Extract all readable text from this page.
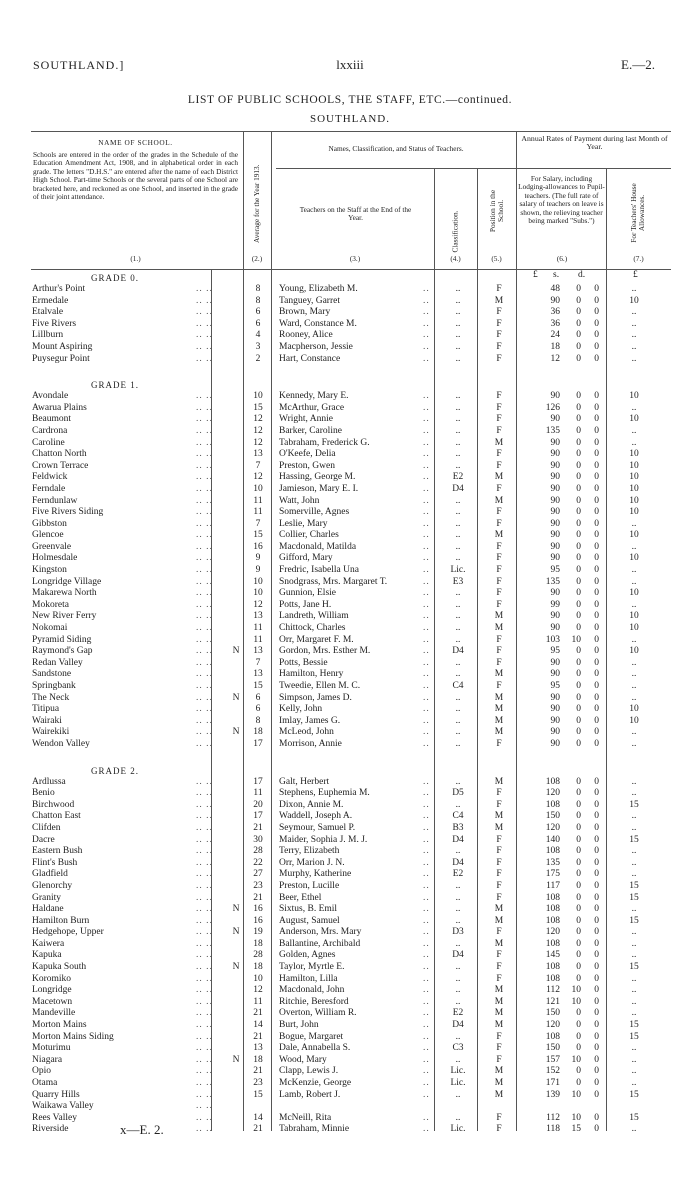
SOUTHLAND.]	lxxiii	E.—2.
LIST OF PUBLIC SCHOOLS, THE STAFF, ETC.—continued.
SOUTHLAND.
NAME OF SCHOOL.
Schools are entered in the order of the grades in the Schedule of the Education Amendment Act, 1908, and in alphabetical order in each grade. The letters "D.H.S." are entered after the name of each District High School. Part-time Schools or the several parts of one School are bracketed here, and reckoned as one School, and inserted in the grade of their joint attendance.
(1.)
Average for the Year 1913.
(2.)
Names, Classification, and Status of Teachers.
Teachers on the Staff at the End of the Year.
(3.)
Classification.
(4.)
Position in the School.
(5.)
Annual Rates of Payment during last Month of Year.
For Salary, including Lodging-allowances to Pupil-teachers. (The full rate of salary of teachers on leave is shown, the relieving teacher being marked "Subs.")
(6.)
For Teachers' House Allowances.
(7.)
£ s. d.	£
GRADE 0.
.. ..	..
Arthur's Point	8	Young, Elizabeth M.	..	F	48	0	0	..
.. ..	..
Ermedale	8	Tanguey, Garret	..	M	90	0	0	10
.. ..	..
Etalvale	6	Brown, Mary	..	F	36	0	0	..
.. ..	..
Five Rivers	6	Ward, Constance M.	..	F	36	0	0	..
.. ..	..
Lillburn	4	Rooney, Alice	..	F	24	0	0	..
.. ..	..
Mount Aspiring	3	Macpherson, Jessie	..	F	18	0	0	..
.. ..	..
Puysegur Point	2	Hart, Constance	..	F	12	0	0	..
GRADE 1.
.. ..	..
Avondale	10	Kennedy, Mary E.	..	F	90	0	0	10
.. ..	..
Awarua Plains	15	McArthur, Grace	..	F	126	0	0	..
.. ..	..
Beaumont	12	Wright, Annie	..	F	90	0	0	10
.. ..	..
Cardrona	12	Barker, Caroline	..	F	135	0	0	..
.. ..	..
Caroline	12	Tabraham, Frederick G.	..	M	90	0	0	..
.. ..	..
Chatton North	13	O'Keefe, Delia	..	F	90	0	0	10
.. ..	..
Crown Terrace	7	Preston, Gwen	..	F	90	0	0	10
.. ..	..
Feldwick	12	Hassing, George M.	E2	M	90	0	0	10
.. ..	..
Ferndale	10	Jamieson, Mary E. I.	D4	F	90	0	0	10
.. ..	..
Ferndunlaw	11	Watt, John	..	M	90	0	0	10
.. ..	..
Five Rivers Siding	11	Somerville, Agnes	..	F	90	0	0	10
.. ..	..
Gibbston	7	Leslie, Mary	..	F	90	0	0	..
.. ..	..
Glencoe	15	Collier, Charles	..	M	90	0	0	10
.. ..	..
Greenvale	16	Macdonald, Matilda	..	F	90	0	0	..
.. ..	..
Holmesdale	9	Gifford, Mary	..	F	90	0	0	10
.. ..	..
Kingston	9	Fredric, Isabella Una	Lic.	F	95	0	0	..
.. ..	..
Longridge Village	10	Snodgrass, Mrs. Margaret T.	E3	F	135	0	0	..
.. ..	..
Makarewa North	10	Gunnion, Elsie	..	F	90	0	0	10
.. ..	..
Mokoreta	12	Potts, Jane H.	..	F	99	0	0	..
.. ..	..
New River Ferry	13	Landreth, William	..	M	90	0	0	10
.. ..	..
Nokomai	11	Chittock, Charles	..	M	90	0	0	10
.. ..	..
Pyramid Siding	11	Orr, Margaret F. M.	..	F	103	10	0	..
.. ..	..
Raymond's Gap	N	13	Gordon, Mrs. Esther M.	D4	F	95	0	0	10
.. ..	..
Redan Valley	7	Potts, Bessie	..	F	90	0	0	..
.. ..	..
Sandstone	13	Hamilton, Henry	..	M	90	0	0	..
.. ..	..
Springbank	15	Tweedie, Ellen M. C.	C4	F	95	0	0	..
.. ..	..
The Neck	N	6	Simpson, James D.	..	M	90	0	0	..
.. ..	..
Titipua	6	Kelly, John	..	M	90	0	0	10
.. ..	..
Wairaki	8	Imlay, James G.	..	M	90	0	0	10
.. ..	..
Wairekiki	N	18	McLeod, John	..	M	90	0	0	..
.. ..	..
Wendon Valley	17	Morrison, Annie	..	F	90	0	0	..
GRADE 2.
.. ..	..
Ardlussa	17	Galt, Herbert	..	M	108	0	0	..
.. ..	..
Benio	11	Stephens, Euphemia M.	D5	F	120	0	0	..
.. ..	..
Birchwood	20	Dixon, Annie M.	..	F	108	0	0	15
.. ..	..
Chatton East	17	Waddell, Joseph A.	C4	M	150	0	0	..
.. ..	..
Clifden	21	Seymour, Samuel P.	B3	M	120	0	0	..
.. ..	..
Dacre	30	Maider, Sophia J. M. J.	D4	F	140	0	0	15
.. ..	..
Eastern Bush	28	Terry, Elizabeth	..	F	108	0	0	..
.. ..	..
Flint's Bush	22	Orr, Marion J. N.	D4	F	135	0	0	..
.. ..	..
Gladfield	27	Murphy, Katherine	E2	F	175	0	0	..
.. ..	..
Glenorchy	23	Preston, Lucille	..	F	117	0	0	15
.. ..	..
Granity	21	Beer, Ethel	..	F	108	0	0	15
.. ..	..
Haldane	N	16	Sixtus, B. Emil	..	M	108	0	0	..
.. ..	..
Hamilton Burn	16	August, Samuel	..	M	108	0	0	15
.. ..	..
Hedgehope, Upper	N	19	Anderson, Mrs. Mary	D3	F	120	0	0	..
.. ..	..
Kaiwera	18	Ballantine, Archibald	..	M	108	0	0	..
.. ..	..
Kapuka	28	Golden, Agnes	D4	F	145	0	0	..
.. ..	..
Kapuka South	N	18	Taylor, Myrtle E.	..	F	108	0	0	15
.. ..	..
Koromiko	10	Hamilton, Lilla	..	F	108	0	0	..
.. ..	..
Longridge	12	Macdonald, John	..	M	112	10	0	..
.. ..	..
Macetown	11	Ritchie, Beresford	..	M	121	10	0	..
.. ..	..
Mandeville	21	Overton, William R.	E2	M	150	0	0	..
.. ..	..
Morton Mains	14	Burt, John	D4	M	120	0	0	15
.. ..	..
Morton Mains Siding	21	Bogue, Margaret	..	F	108	0	0	15
.. ..	..
Moturimu	13	Dale, Annabella S.	C3	F	150	0	0	..
.. ..	..
Niagara	N	18	Wood, Mary	..	F	157	10	0	..
.. ..	..
Opio	21	Clapp, Lewis J.	Lic.	M	152	0	0	..
.. ..	..
Otama	23	McKenzie, George	Lic.	M	171	0	0	..
.. ..	..
Quarry Hills	15	Lamb, Robert J.	..	M	139	10	0	15
.. ..
Waikawa Valley
.. ..	..
Rees Valley	14	McNeill, Rita	..	F	112	10	0	15
.. ..	..
Riverside	21	Tabraham, Minnie	Lic.	F	118	15	0	..
x—E. 2.
